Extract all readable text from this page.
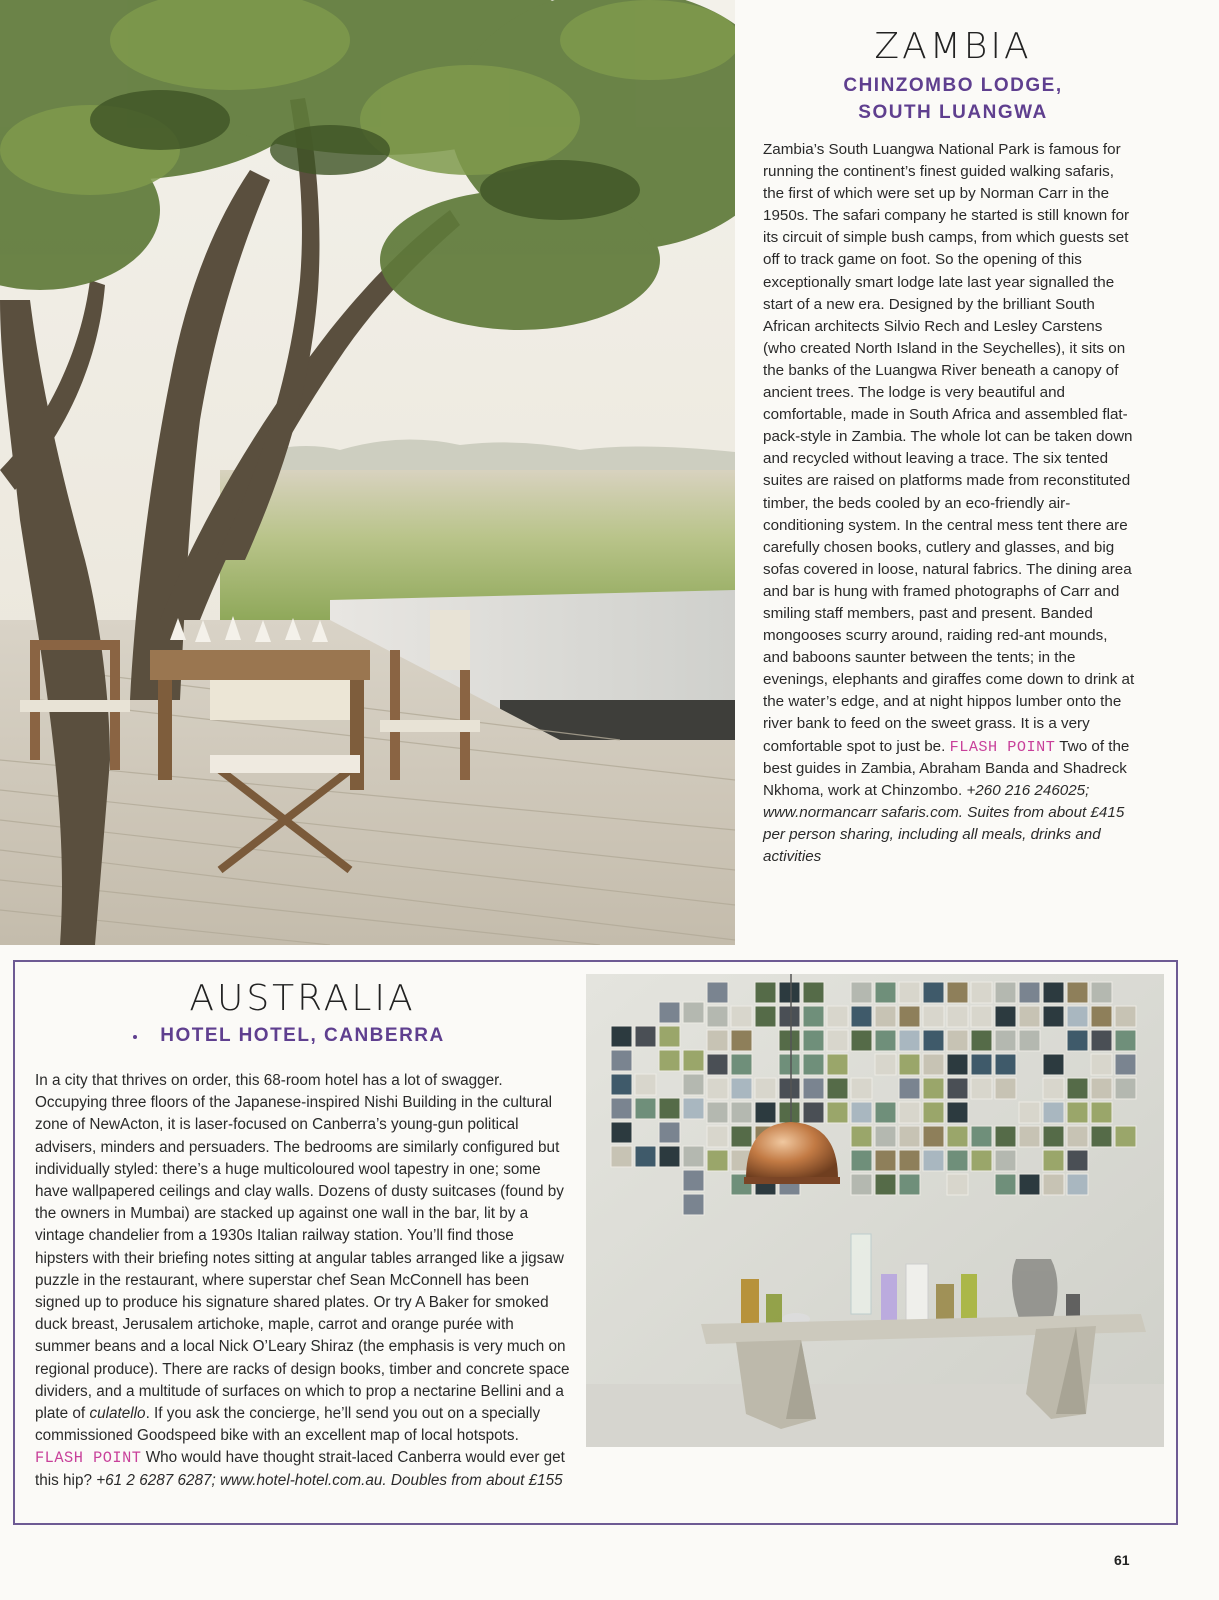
ZAMBIA

CHINZOMBO LODGE,

SOUTH LUANGWA

Zambia’s South Luangwa National Park is famous for running the continent’s finest guided walking safaris, the first of which were set up by Norman Carr in the 1950s. The safari company he started is still known for its circuit of simple bush camps, from which guests set off to track game on foot. So the opening of this exceptionally smart lodge late last year signalled the start of a new era. Designed by the brilliant South African architects Silvio Rech and Lesley Carstens (who created North Island in the Seychelles), it sits on the banks of the Luangwa River beneath a canopy of ancient trees. The lodge is very beautiful and comfortable, made in South Africa and assembled flat-pack-style in Zambia. The whole lot can be taken down and recycled without leaving a trace. The six tented suites are raised on platforms made from reconstituted timber, the beds cooled by an eco-friendly air-conditioning system. In the central mess tent there are carefully chosen books, cutlery and glasses, and big sofas covered in loose, natural fabrics. The dining area and bar is hung with framed photographs of Carr and smiling staff members, past and present. Banded mongooses scurry around, raiding red-ant mounds, and baboons saunter between the tents; in the evenings, elephants and giraffes come down to drink at the water’s edge, and at night hippos lumber onto the river bank to feed on the sweet grass. It is a very comfortable spot to just be. FLASH POINT Two of the best guides in Zambia, Abraham Banda and Shadreck Nkhoma, work at Chinzombo. +260 216 246025; www.normancarr safaris.com. Suites from about £415 per person sharing, including all meals, drinks and activities

AUSTRALIA

HOTEL HOTEL, CANBERRA

In a city that thrives on order, this 68-room hotel has a lot of swagger. Occupying three floors of the Japanese-inspired Nishi Building in the cultural zone of NewActon, it is laser-focused on Canberra’s young-gun political advisers, minders and persuaders. The bedrooms are similarly configured but individually styled: there’s a huge multicoloured wool tapestry in one; some have wallpapered ceilings and clay walls. Dozens of dusty suitcases (found by the owners in Mumbai) are stacked up against one wall in the bar, lit by a vintage chandelier from a 1930s Italian railway station. You’ll find those hipsters with their briefing notes sitting at angular tables arranged like a jigsaw puzzle in the restaurant, where superstar chef Sean McConnell has been signed up to produce his signature shared plates. Or try A Baker for smoked duck breast, Jerusalem artichoke, maple, carrot and orange purée with summer beans and a local Nick O’Leary Shiraz (the emphasis is very much on regional produce). There are racks of design books, timber and concrete space dividers, and a multitude of surfaces on which to prop a nectarine Bellini and a plate of culatello. If you ask the concierge, he’ll send you out on a specially commissioned Goodspeed bike with an excellent map of local hotspots. FLASH POINT Who would have thought strait-laced Canberra would ever get this hip? +61 2 6287 6287; www.hotel-hotel.com.au. Doubles from about £155

61
